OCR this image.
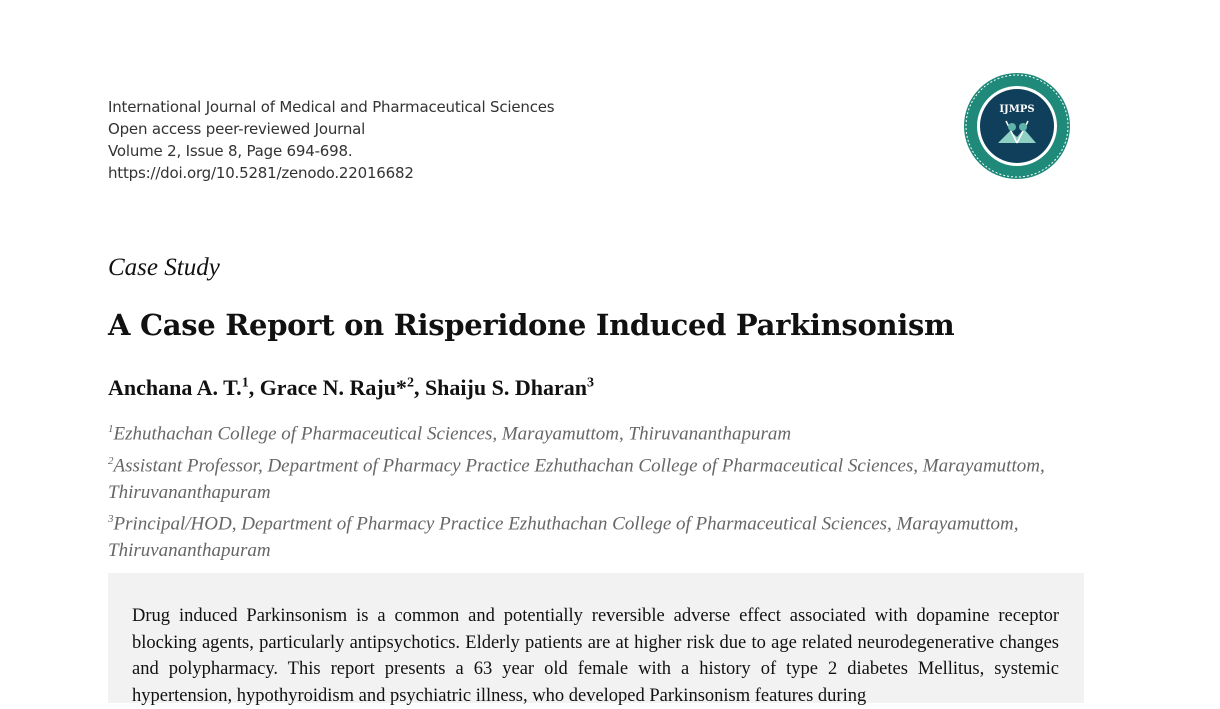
International Journal of Medical and Pharmaceutical Sciences
Open access peer-reviewed Journal
Volume 2, Issue 8, Page 694-698.
https://doi.org/10.5281/zenodo.22016682
IJMPS
Case Study
A Case Report on Risperidone Induced Parkinsonism
Anchana A. T.$^1$, Grace N. Raju*$^2$, Shaiju S. Dharan$^3$
$^1$Ezhuthachan College of Pharmaceutical Sciences, Marayamuttom, Thiruvananthapuram
$^2$Assistant Professor, Department of Pharmacy Practice Ezhuthachan College of Pharmaceutical Sciences, Marayamuttom, Thiruvananthapuram
$^3$Principal/HOD, Department of Pharmacy Practice Ezhuthachan College of Pharmaceutical Sciences, Marayamuttom, Thiruvananthapuram

Drug induced Parkinsonism is a common and potentially reversible adverse effect associated with dopamine receptor blocking agents, particularly antipsychotics. Elderly patients are at higher risk due to age related neurodegenerative changes and polypharmacy. This report presents a 63 year old female with a history of type 2 diabetes Mellitus, systemic hypertension, hypothyroidism and psychiatric illness, who developed Parkinsonism features during
